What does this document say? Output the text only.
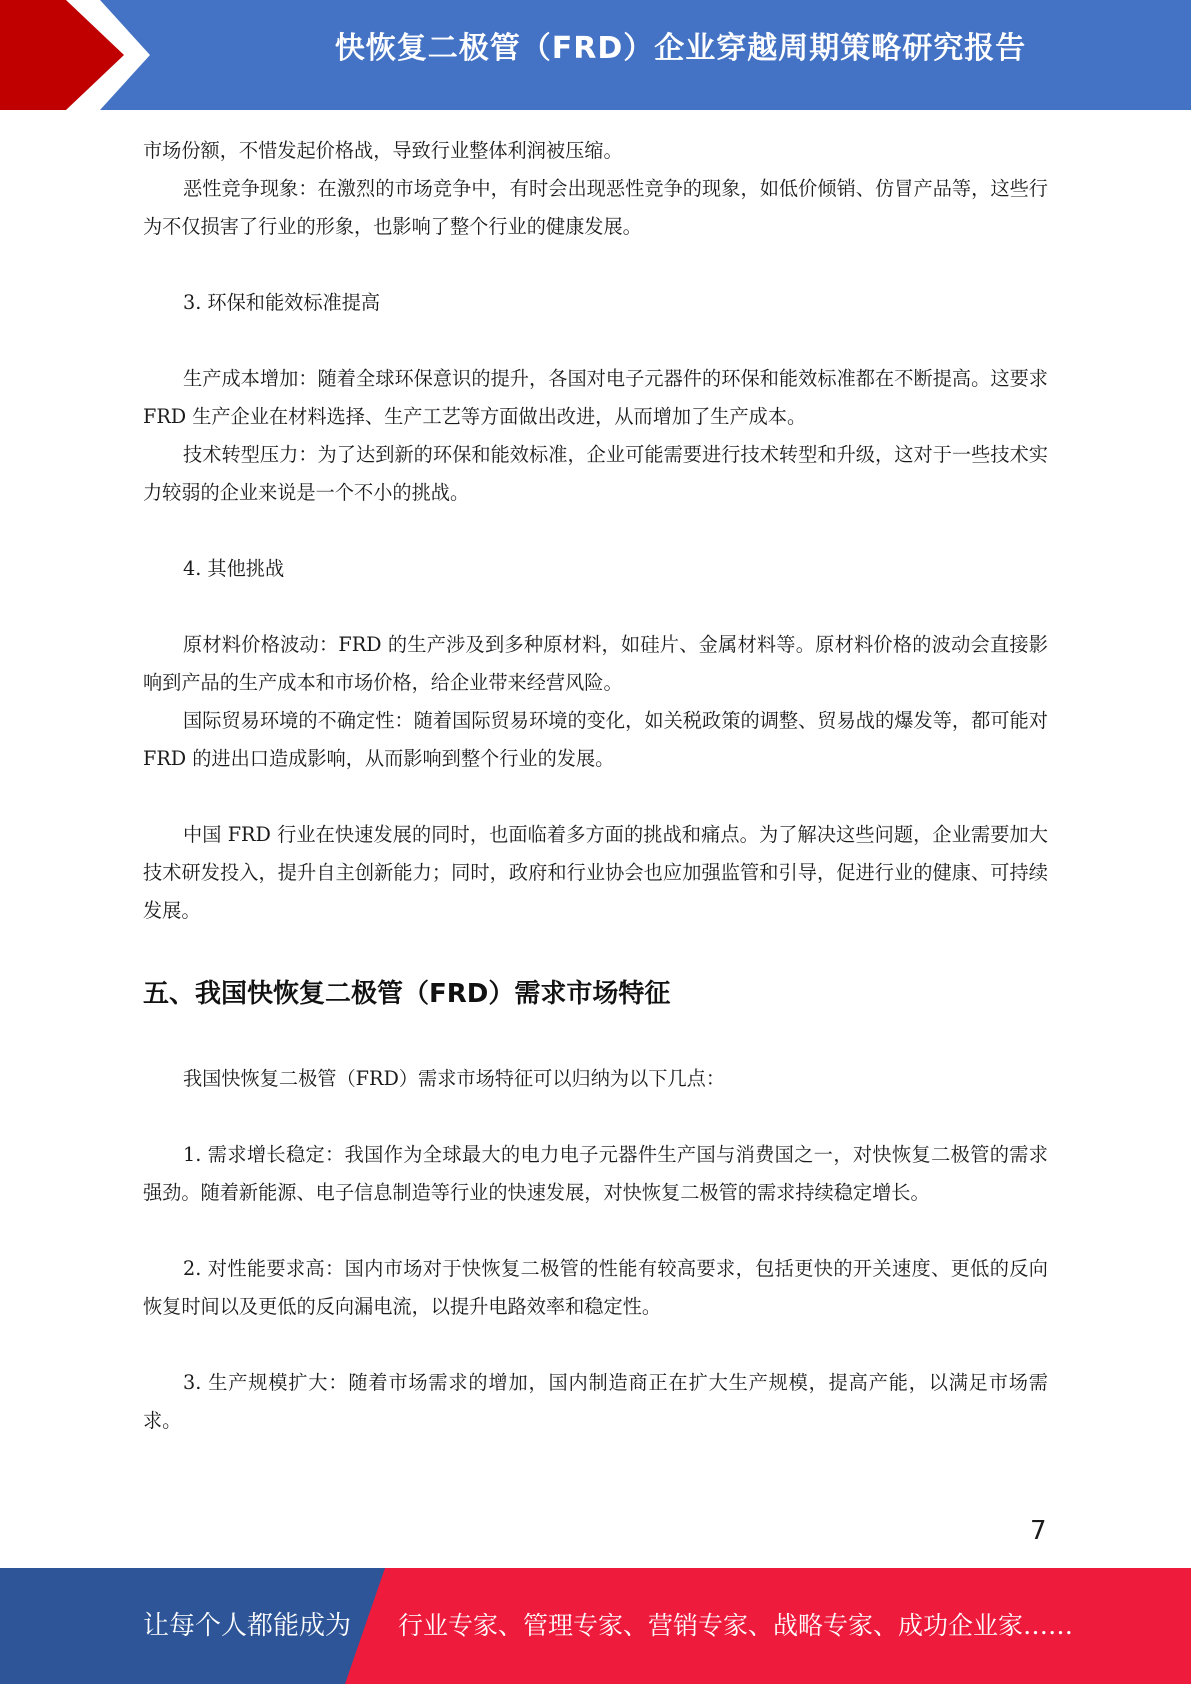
快恢复二极管（FRD）企业穿越周期策略研究报告

市场份额，不惜发起价格战，导致行业整体利润被压缩。

恶性竞争现象：在激烈的市场竞争中，有时会出现恶性竞争的现象，如低价倾销、仿冒产品等，这些行为不仅损害了行业的形象，也影响了整个行业的健康发展。

3. 环保和能效标准提高

生产成本增加：随着全球环保意识的提升，各国对电子元器件的环保和能效标准都在不断提高。这要求 FRD 生产企业在材料选择、生产工艺等方面做出改进，从而增加了生产成本。

技术转型压力：为了达到新的环保和能效标准，企业可能需要进行技术转型和升级，这对于一些技术实力较弱的企业来说是一个不小的挑战。

4. 其他挑战

原材料价格波动：FRD 的生产涉及到多种原材料，如硅片、金属材料等。原材料价格的波动会直接影响到产品的生产成本和市场价格，给企业带来经营风险。

国际贸易环境的不确定性：随着国际贸易环境的变化，如关税政策的调整、贸易战的爆发等，都可能对 FRD 的进出口造成影响，从而影响到整个行业的发展。

中国 FRD 行业在快速发展的同时，也面临着多方面的挑战和痛点。为了解决这些问题，企业需要加大技术研发投入，提升自主创新能力；同时，政府和行业协会也应加强监管和引导，促进行业的健康、可持续发展。

五、我国快恢复二极管（FRD）需求市场特征

我国快恢复二极管（FRD）需求市场特征可以归纳为以下几点：

1. 需求增长稳定：我国作为全球最大的电力电子元器件生产国与消费国之一，对快恢复二极管的需求强劲。随着新能源、电子信息制造等行业的快速发展，对快恢复二极管的需求持续稳定增长。

2. 对性能要求高：国内市场对于快恢复二极管的性能有较高要求，包括更快的开关速度、更低的反向恢复时间以及更低的反向漏电流，以提升电路效率和稳定性。

3. 生产规模扩大：随着市场需求的增加，国内制造商正在扩大生产规模，提高产能，以满足市场需求。

7
让每个人都能成为 行业专家、管理专家、营销专家、战略专家、成功企业家……
